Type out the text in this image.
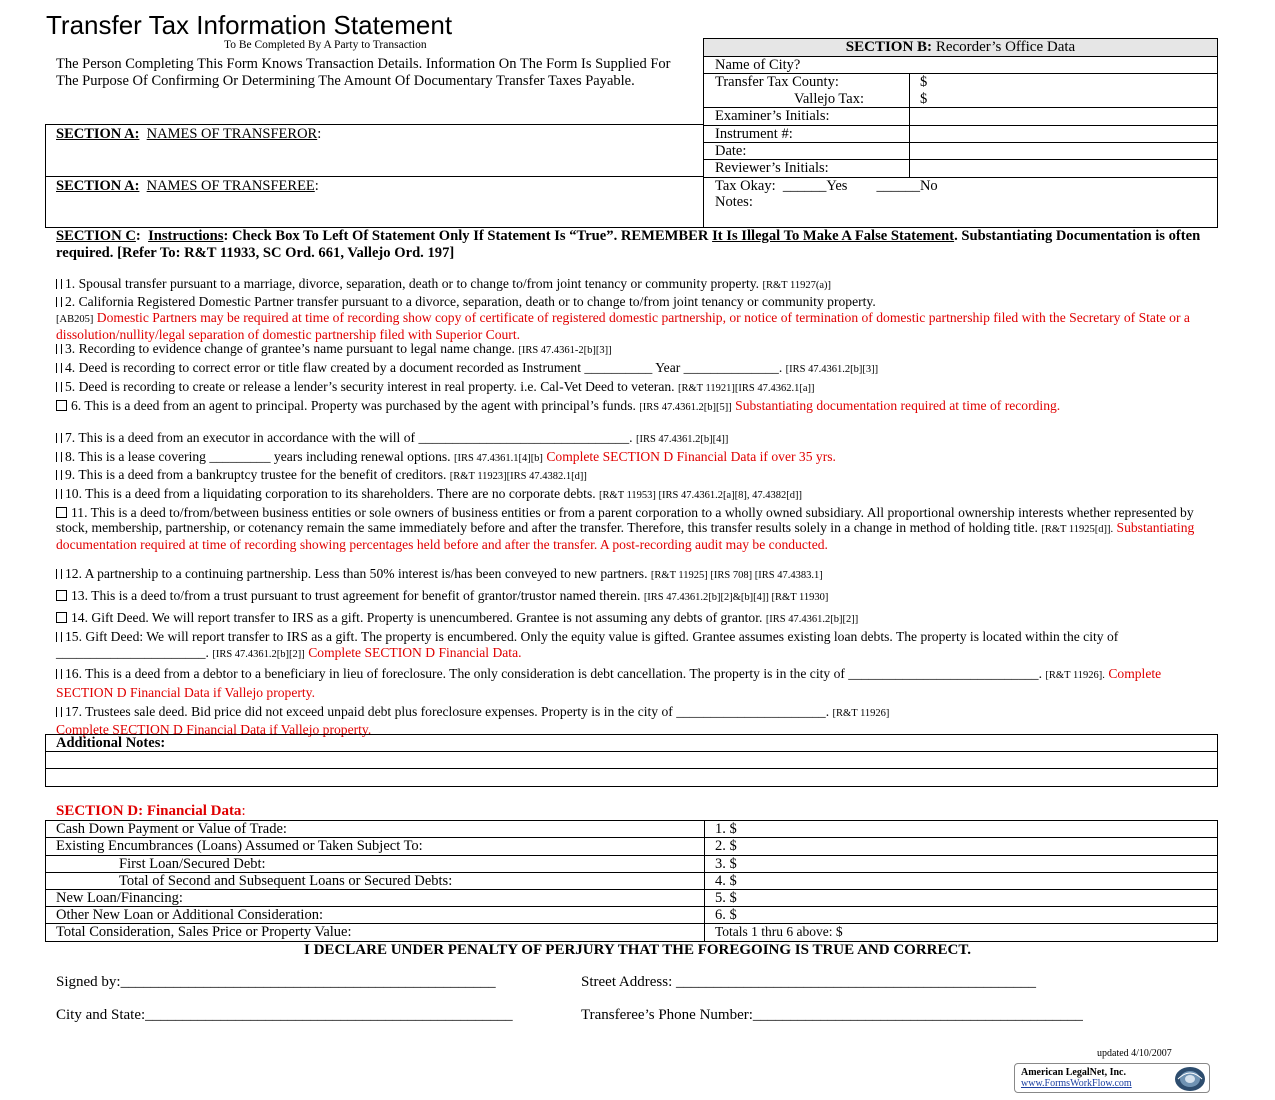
Transfer Tax Information Statement
To Be Completed By A Party to Transaction
The Person Completing This Form Knows Transaction Details. Information On The Form Is Supplied For The Purpose Of Confirming Or Determining The Amount Of Documentary Transfer Taxes Payable.
SECTION B: Recorder’s Office Data
Name of City?
Transfer Tax County:	$
Vallejo Tax:	$
Examiner’s Initials:
Instrument #:
Date:
Reviewer’s Initials:
Tax Okay:  ______Yes        ______No
Notes:
SECTION A: NAMES OF TRANSFEROR:
SECTION A: NAMES OF TRANSFEREE:
SECTION C:  Instructions: Check Box To Left Of Statement Only If Statement Is “True”. REMEMBER It Is Illegal To Make A False Statement. Substantiating Documentation is often required. [Refer To: R&T 11933, SC Ord. 661, Vallejo Ord. 197]
1. Spousal transfer pursuant to a marriage, divorce, separation, death or to change to/from joint tenancy or community property. [R&T 11927(a)]
2. California Registered Domestic Partner transfer pursuant to a divorce, separation, death or to change to/from joint tenancy or community property.
[AB205] Domestic Partners may be required at time of recording show copy of certificate of registered domestic partnership, or notice of termination of domestic partnership filed with the Secretary of State or a dissolution/nullity/legal separation of domestic partnership filed with Superior Court.
3. Recording to evidence change of grantee’s name pursuant to legal name change. [IRS 47.4361-2[b][3]]
4. Deed is recording to correct error or title flaw created by a document recorded as Instrument __________ Year ______________. [IRS 47.4361.2[b][3]]
5. Deed is recording to create or release a lender’s security interest in real property. i.e. Cal-Vet Deed to veteran. [R&T 11921][IRS 47.4362.1[a]]
6. This is a deed from an agent to principal. Property was purchased by the agent with principal’s funds. [IRS 47.4361.2[b][5]] Substantiating documentation required at time of recording.
7. This is a deed from an executor in accordance with the will of _______________________________. [IRS 47.4361.2[b][4]]
8. This is a lease covering _________ years including renewal options. [IRS 47.4361.1[4][b] Complete SECTION D Financial Data if over 35 yrs.
9. This is a deed from a bankruptcy trustee for the benefit of creditors. [R&T 11923][IRS 47.4382.1[d]]
10. This is a deed from a liquidating corporation to its shareholders. There are no corporate debts. [R&T 11953] [IRS 47.4361.2[a][8], 47.4382[d]]
11. This is a deed to/from/between business entities or sole owners of business entities or from a parent corporation to a wholly owned subsidiary. All proportional ownership interests whether represented by stock, membership, partnership, or cotenancy remain the same immediately before and after the transfer. Therefore, this transfer results solely in a change in method of holding title. [R&T 11925[d]]. Substantiating documentation required at time of recording showing percentages held before and after the transfer. A post-recording audit may be conducted.
12. A partnership to a continuing partnership. Less than 50% interest is/has been conveyed to new partners. [R&T 11925] [IRS 708] [IRS 47.4383.1]
13. This is a deed to/from a trust pursuant to trust agreement for benefit of grantor/trustor named therein. [IRS 47.4361.2[b][2]&[b][4]] [R&T 11930]
14. Gift Deed. We will report transfer to IRS as a gift. Property is unencumbered. Grantee is not assuming any debts of grantor. [IRS 47.4361.2[b][2]]
15. Gift Deed: We will report transfer to IRS as a gift. The property is encumbered. Only the equity value is gifted. Grantee assumes existing loan debts. The property is located within the city of ______________________. [IRS 47.4361.2[b][2]] Complete SECTION D Financial Data.
16. This is a deed from a debtor to a beneficiary in lieu of foreclosure. The only consideration is debt cancellation. The property is in the city of ____________________________. [R&T 11926]. Complete SECTION D Financial Data if Vallejo property.
17. Trustees sale deed. Bid price did not exceed unpaid debt plus foreclosure expenses. Property is in the city of ______________________. [R&T 11926]
Complete SECTION D Financial Data if Vallejo property.
Additional Notes:
SECTION D: Financial Data:
Cash Down Payment or Value of Trade:	1. $
Existing Encumbrances (Loans) Assumed or Taken Subject To:	2. $
First Loan/Secured Debt:	3. $
Total of Second and Subsequent Loans or Secured Debts:	4. $
New Loan/Financing:	5. $
Other New Loan or Additional Consideration:	6. $
Total Consideration, Sales Price or Property Value:	Totals 1 thru 6 above: $
I DECLARE UNDER PENALTY OF PERJURY THAT THE FOREGOING IS TRUE AND CORRECT.
Signed by:__________________________________________________	Street Address: ________________________________________________
City and State:_________________________________________________	Transferee’s Phone Number:____________________________________________
updated 4/10/2007
American LegalNet, Inc.
www.FormsWorkFlow.com
